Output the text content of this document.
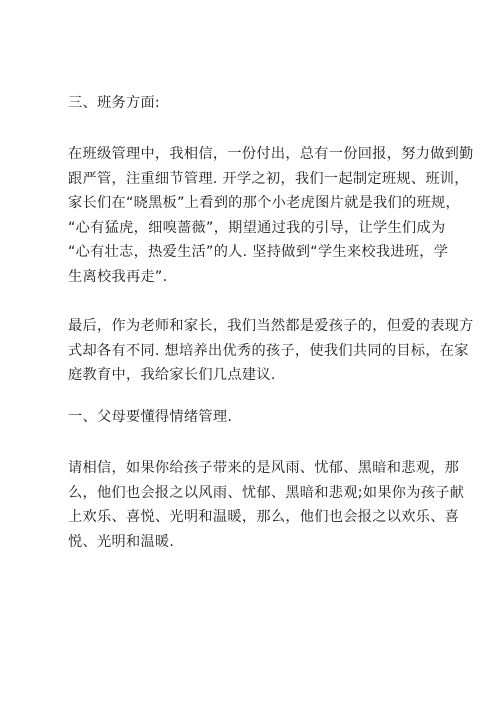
三、班务方面:
在班级管理中，我相信，一份付出，总有一份回报，努力做到勤
跟严管，注重细节管理. 开学之初，我们一起制定班规、班训，
家长们在“晓黑板”上看到的那个小老虎图片就是我们的班规，
“心有猛虎，细嗅蔷薇”，期望通过我的引导，让学生们成为
“心有壮志，热爱生活”的人. 坚持做到“学生来校我进班，学
生离校我再走”.
最后，作为老师和家长，我们当然都是爱孩子的，但爱的表现方
式却各有不同. 想培养出优秀的孩子，使我们共同的目标，在家
庭教育中，我给家长们几点建议.
一、父母要懂得情绪管理.
请相信，如果你给孩子带来的是风雨、忧郁、黑暗和悲观，那
么，他们也会报之以风雨、忧郁、黑暗和悲观;如果你为孩子献
上欢乐、喜悦、光明和温暖，那么，他们也会报之以欢乐、喜
悦、光明和温暖.
